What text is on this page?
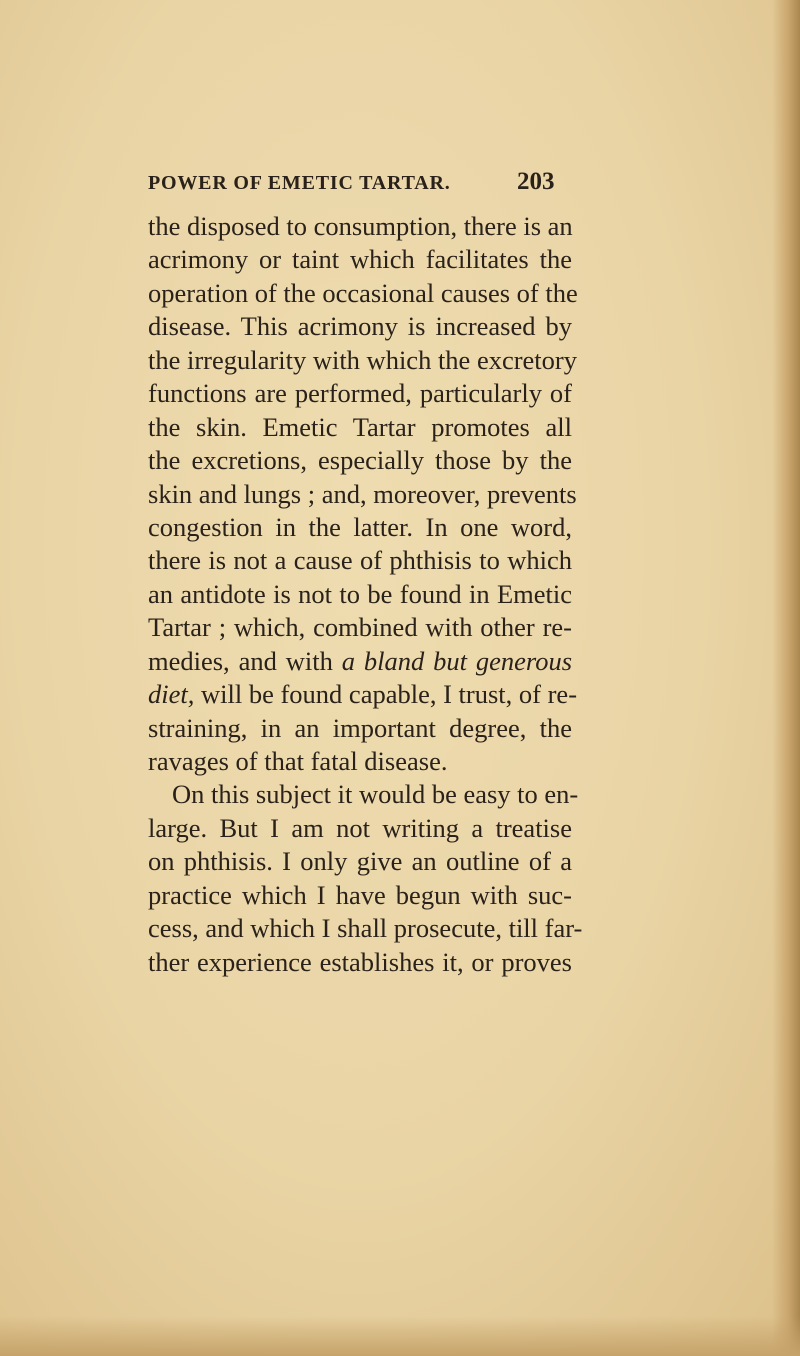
POWER OF EMETIC TARTAR.	203
the disposed to consumption, there is an
acrimony or taint which facilitates the
operation of the occasional causes of the
disease. This acrimony is increased by
the irregularity with which the excretory
functions are performed, particularly of
the skin. Emetic Tartar promotes all
the excretions, especially those by the
skin and lungs ; and, moreover, prevents
congestion in the latter. In one word,
there is not a cause of phthisis to which
an antidote is not to be found in Emetic
Tartar ; which, combined with other re-
medies, and with a bland but generous
diet, will be found capable, I trust, of re-
straining, in an important degree, the
ravages of that fatal disease.
On this subject it would be easy to en-
large. But I am not writing a treatise
on phthisis. I only give an outline of a
practice which I have begun with suc-
cess, and which I shall prosecute, till far-
ther experience establishes it, or proves
